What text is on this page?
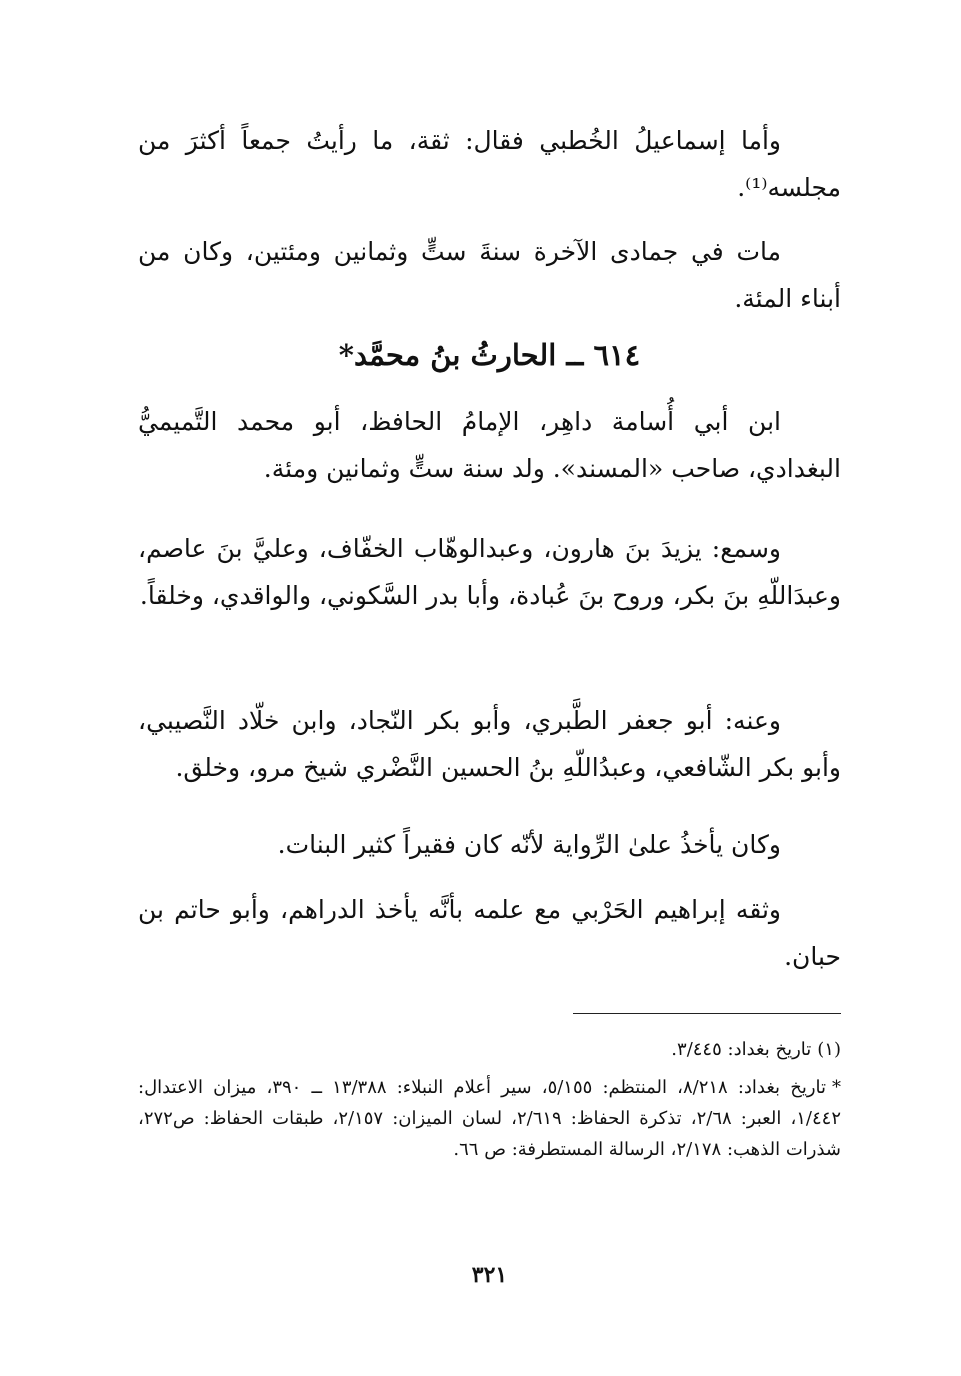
وأما إسماعيلُ الخُطبي فقال: ثقة، ما رأيتُ جمعاً أكثرَ من مجلسه⁽¹⁾.

مات في جمادى الآخرة سنةَ ستٍّ وثمانين ومئتين، وكان من أبناء المئة.

٦١٤ ــ الحارثُ بنُ محمَّد*

ابن أبي أُسامة داهِر، الإمامُ الحافظ، أبو محمد التَّميميُّ البغدادي، صاحب «المسند». ولد سنة ستٍّ وثمانين ومئة.

وسمع: يزيدَ بنَ هارون، وعبدالوهّاب الخفّاف، وعليَّ بنَ عاصم، وعبدَاللّهِ بنَ بكر، وروح بنَ عُبادة، وأبا بدر السَّكوني، والواقدي، وخلقاً.

وعنه: أبو جعفر الطَّبري، وأبو بكر النّجاد، وابن خلّاد النَّصيبي، وأبو بكر الشّافعي، وعبدُاللّهِ بنُ الحسين النَّضْري شيخ مرو، وخلق.

وكان يأخذُ علىٰ الرِّواية لأنّه كان فقيراً كثير البنات.

وثقه إبراهيم الحَرْبي مع علمه بأنَّه يأخذ الدراهم، وأبو حاتم بن حبان.

(١)تاريخ بغداد: ٣/٤٤٥.

*تاريخ بغداد: ٨/٢١٨، المنتظم: ٥/١٥٥، سير أعلام النبلاء: ١٣/٣٨٨ ــ ٣٩٠، ميزان الاعتدال: ١/٤٤٢، العبر: ٢/٦٨، تذكرة الحفاظ: ٢/٦١٩، لسان الميزان: ٢/١٥٧، طبقات الحفاظ: ص٢٧٢، شذرات الذهب: ٢/١٧٨، الرسالة المستطرفة: ص ٦٦.

٣٢١
